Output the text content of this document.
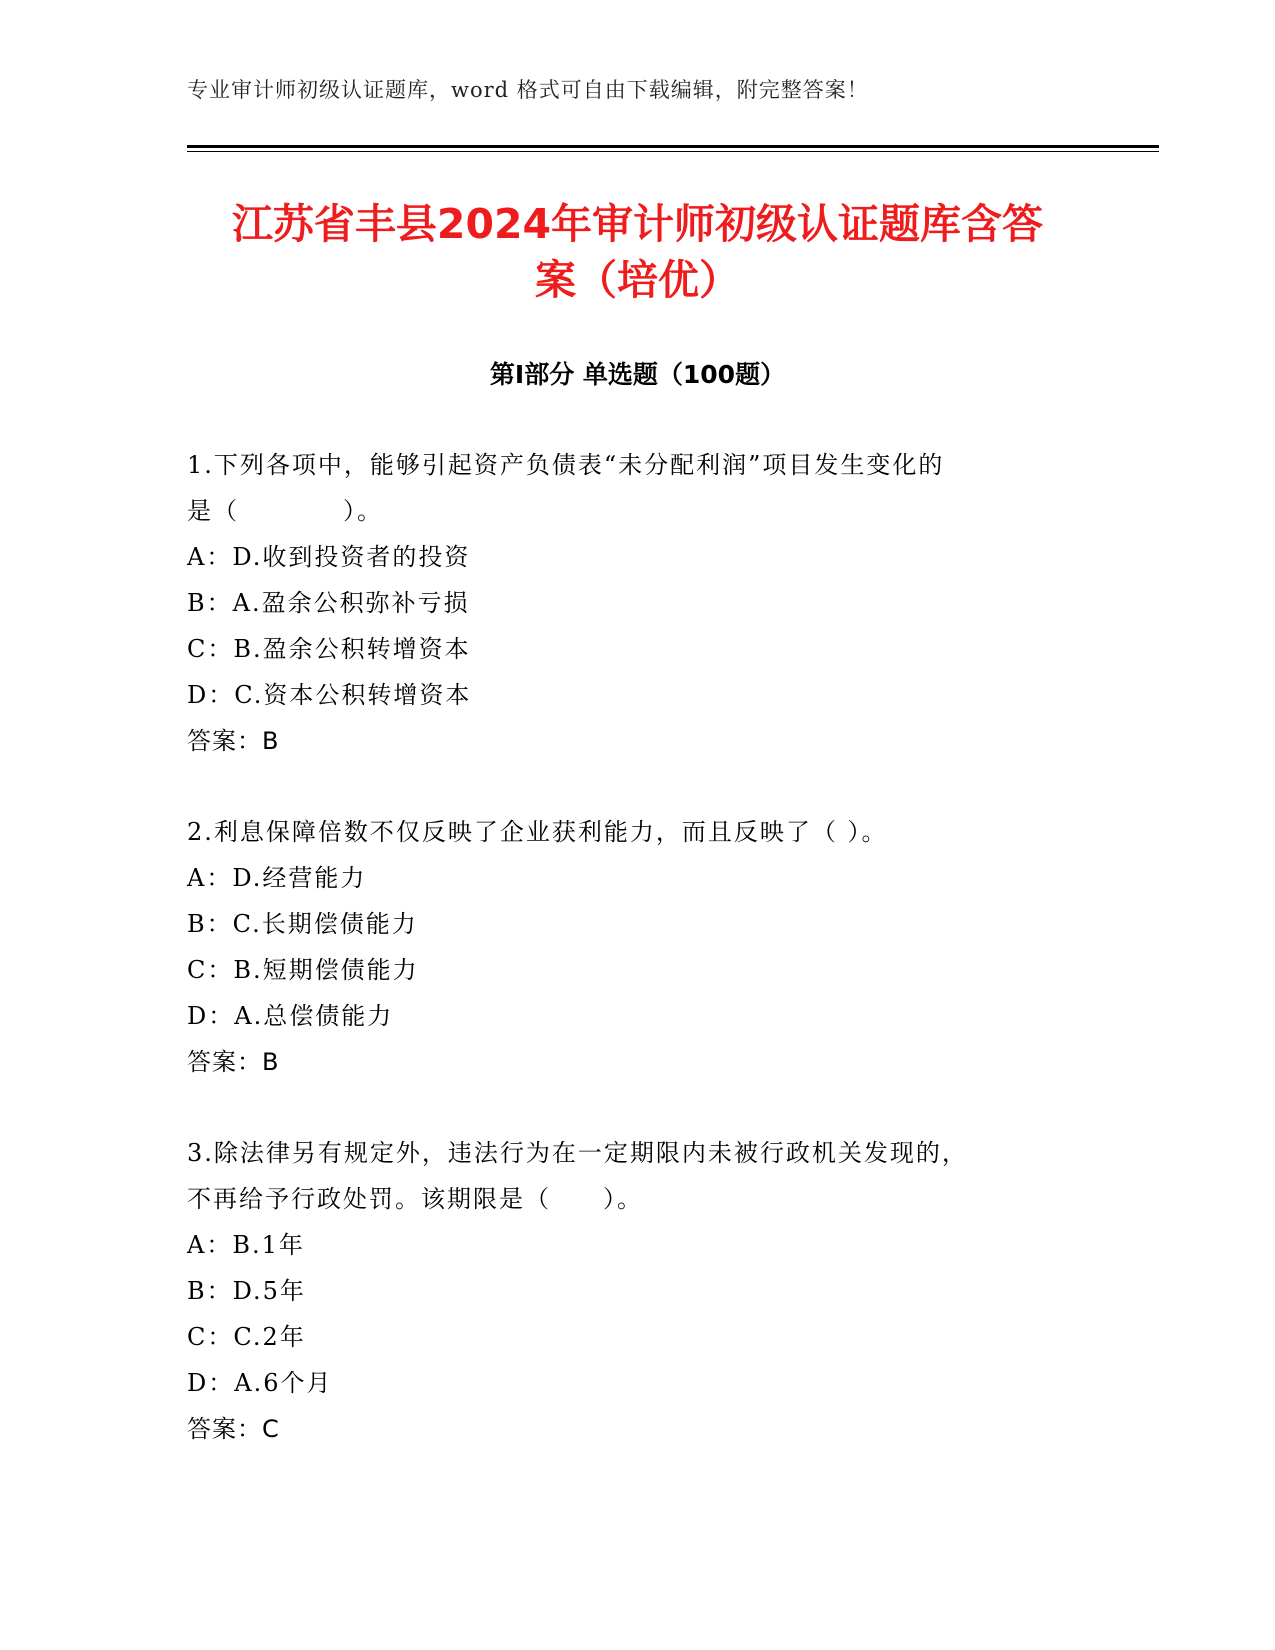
专业审计师初级认证题库，word 格式可自由下载编辑，附完整答案！
江苏省丰县2024年审计师初级认证题库含答
案（培优）
第Ⅰ部分 单选题（100题）
1.下列各项中，能够引起资产负债表“未分配利润”项目发生变化的
是（　　　　）。
A：D.收到投资者的投资
B：A.盈余公积弥补亏损
C：B.盈余公积转增资本
D：C.资本公积转增资本
答案：B
2.利息保障倍数不仅反映了企业获利能力，而且反映了（ ）。
A：D.经营能力
B：C.长期偿债能力
C：B.短期偿债能力
D：A.总偿债能力
答案：B
3.除法律另有规定外，违法行为在一定期限内未被行政机关发现的，
不再给予行政处罚。该期限是（　　）。
A：B.1年
B：D.5年
C：C.2年
D：A.6个月
答案：C
